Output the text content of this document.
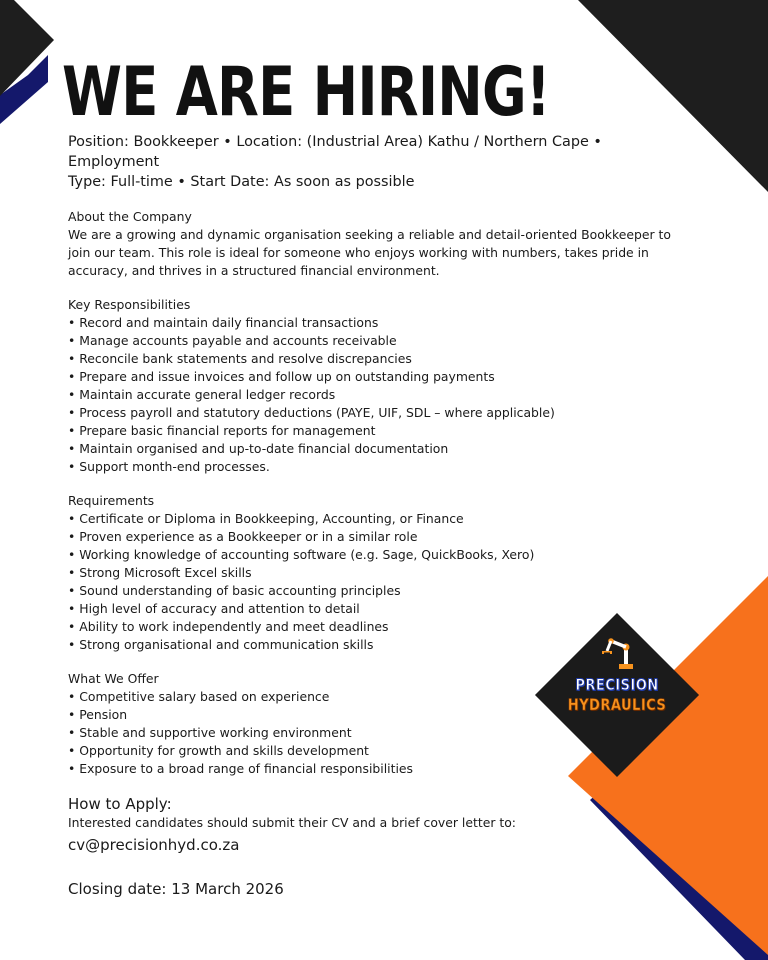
WE ARE HIRING!

Position: Bookkeeper • Location: (Industrial Area) Kathu / Northern Cape • Employment
Type: Full-time • Start Date: As soon as possible

About the Company

We are a growing and dynamic organisation seeking a reliable and detail-oriented Bookkeeper to join our team. This role is ideal for someone who enjoys working with numbers, takes pride in accuracy, and thrives in a structured financial environment.

Key Responsibilities

• Record and maintain daily financial transactions
• Manage accounts payable and accounts receivable
• Reconcile bank statements and resolve discrepancies
• Prepare and issue invoices and follow up on outstanding payments
• Maintain accurate general ledger records
• Process payroll and statutory deductions (PAYE, UIF, SDL – where applicable)
• Prepare basic financial reports for management
• Maintain organised and up-to-date financial documentation
• Support month-end processes.

Requirements

• Certificate or Diploma in Bookkeeping, Accounting, or Finance
• Proven experience as a Bookkeeper or in a similar role
• Working knowledge of accounting software (e.g. Sage, QuickBooks, Xero)
• Strong Microsoft Excel skills
• Sound understanding of basic accounting principles
• High level of accuracy and attention to detail
• Ability to work independently and meet deadlines
• Strong organisational and communication skills

What We Offer

• Competitive salary based on experience
• Pension
• Stable and supportive working environment
• Opportunity for growth and skills development
• Exposure to a broad range of financial responsibilities

How to Apply:

Interested candidates should submit their CV and a brief cover letter to:

cv@precisionhyd.co.za

Closing date: 13 March 2026

PRECISION
HYDRAULICS
